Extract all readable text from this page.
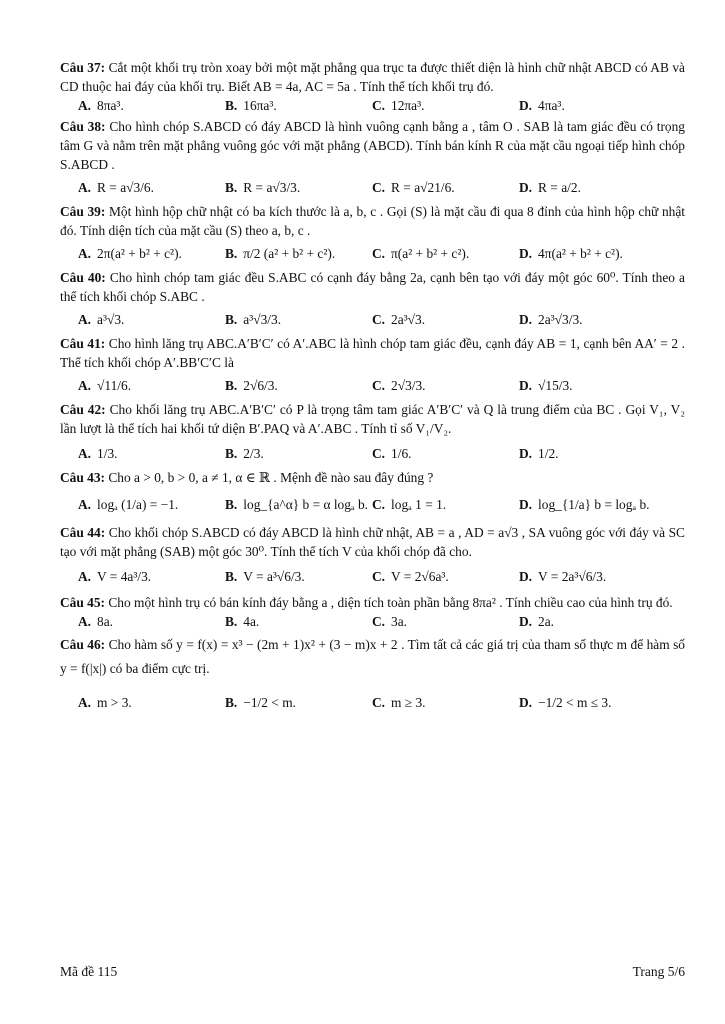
Câu 37: Cắt một khối trụ tròn xoay bởi một mặt phẳng qua trục ta được thiết diện là hình chữ nhật ABCD có AB và CD thuộc hai đáy của khối trụ. Biết AB = 4a, AC = 5a . Tính thể tích khối trụ đó.
A. 8πa³.	B. 16πa³.	C. 12πa³.	D. 4πa³.
Câu 38: Cho hình chóp S.ABCD có đáy ABCD là hình vuông cạnh bằng a , tâm O . SAB là tam giác đều có trọng tâm G và nằm trên mặt phẳng vuông góc với mặt phẳng (ABCD). Tính bán kính R của mặt cầu ngoại tiếp hình chóp S.ABCD .
A. R = a√3/6.	B. R = a√3/3.	C. R = a√21/6.	D. R = a/2.
Câu 39: Một hình hộp chữ nhật có ba kích thước là a, b, c . Gọi (S) là mặt cầu đi qua 8 đỉnh của hình hộp chữ nhật đó. Tính diện tích của mặt cầu (S) theo a, b, c .
A. 2π(a² + b² + c²).	B. π/2 (a² + b² + c²).	C. π(a² + b² + c²).	D. 4π(a² + b² + c²).
Câu 40: Cho hình chóp tam giác đều S.ABC có cạnh đáy bằng 2a, cạnh bên tạo với đáy một góc 60⁰. Tính theo a thể tích khối chóp S.ABC .
A. a³√3.	B. a³√3/3.	C. 2a³√3.	D. 2a³√3/3.
Câu 41: Cho hình lăng trụ ABC.A′B′C′ có A′.ABC là hình chóp tam giác đều, cạnh đáy AB = 1, cạnh bên AA′ = 2 . Thể tích khối chóp A′.BB′C′C là
A. √11/6.	B. 2√6/3.	C. 2√3/3.	D. √15/3.
Câu 42: Cho khối lăng trụ ABC.A′B′C′ có P là trọng tâm tam giác A′B′C′ và Q là trung điểm của BC . Gọi V₁, V₂ lần lượt là thể tích hai khối tứ diện B′.PAQ và A′.ABC . Tính tỉ số V₁/V₂.
A. 1/3.	B. 2/3.	C. 1/6.	D. 1/2.
Câu 43: Cho a > 0, b > 0, a ≠ 1, α ∈ ℝ . Mệnh đề nào sau đây đúng ?
A. logₐ (1/a) = −1.	B. log_{a^α} b = α logₐ b. C. logₐ 1 = 1.	D. log_{1/a} b = logₐ b.
Câu 44: Cho khối chóp S.ABCD có đáy ABCD là hình chữ nhật, AB = a , AD = a√3 , SA vuông góc với đáy và SC tạo với mặt phẳng (SAB) một góc 30⁰. Tính thể tích V của khối chóp đã cho.
A. V = 4a³/3.	B. V = a³√6/3.	C. V = 2√6a³.	D. V = 2a³√6/3.
Câu 45: Cho một hình trụ có bán kính đáy bằng a , diện tích toàn phần bằng 8πa² . Tính chiều cao của hình trụ đó.
A. 8a.	B. 4a.	C. 3a.	D. 2a.
Câu 46: Cho hàm số y = f(x) = x³ − (2m + 1)x² + (3 − m)x + 2 . Tìm tất cả các giá trị của tham số thực m để hàm số y = f(|x|) có ba điểm cực trị.
A. m > 3.	B. −1/2 < m.	C. m ≥ 3.	D. −1/2 < m ≤ 3.
Mã đề 115	Trang 5/6
